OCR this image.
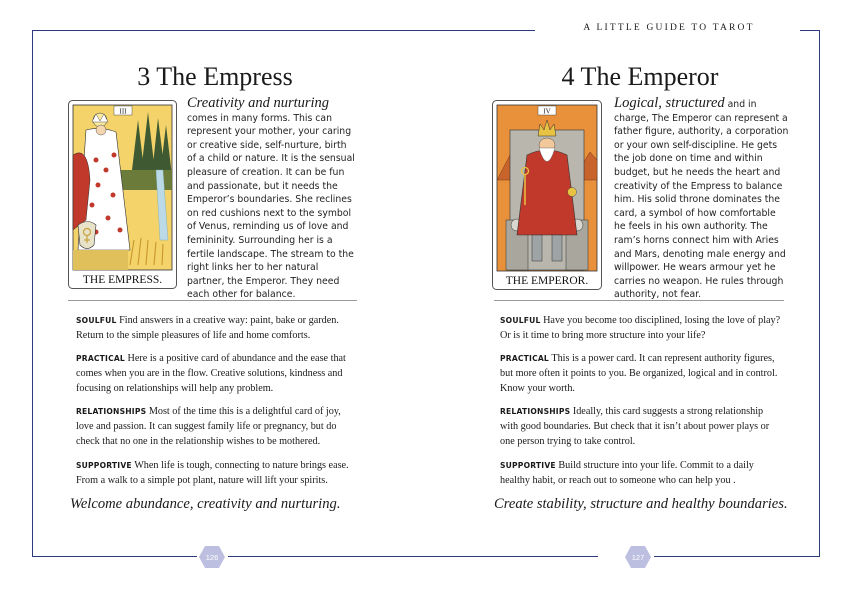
A LITTLE GUIDE TO TAROT
3 The Empress
III
THE EMPRESS.
Creativity and nurturing comes in many forms. This can represent your mother, your caring or creative side, self-nurture, birth of a child or nature. It is the sensual pleasure of creation. It can be fun and passionate, but it needs the Emperor’s boundaries. She reclines on red cushions next to the symbol of Venus, reminding us of love and femininity. Surrounding her is a fertile landscape. The stream to the right links her to her natural partner, the Emperor. They need each other for balance.
SOULFUL Find answers in a creative way: paint, bake or garden. Return to the simple pleasures of life and home comforts.
PRACTICAL Here is a positive card of abundance and the ease that comes when you are in the flow. Creative solutions, kindness and focusing on relationships will help any problem.
RELATIONSHIPS Most of the time this is a delightful card of joy, love and passion. It can suggest family life or pregnancy, but do check that no one in the relationship wishes to be mothered.
SUPPORTIVE When life is tough, connecting to nature brings ease. From a walk to a simple pot plant, nature will lift your spirits.
Welcome abundance, creativity and nurturing.
126
4 The Emperor
IV
THE EMPEROR.
Logical, structured and in charge, The Emperor can represent a father figure, authority, a corporation or your own self-discipline. He gets the job done on time and within budget, but he needs the heart and creativity of the Empress to balance him. His solid throne dominates the card, a symbol of how comfortable he feels in his own authority. The ram’s horns connect him with Aries and Mars, denoting male energy and willpower. He wears armour yet he carries no weapon. He rules through authority, not fear.
SOULFUL Have you become too disciplined, losing the love of play? Or is it time to bring more structure into your life?
PRACTICAL This is a power card. It can represent authority figures, but more often it points to you. Be organized, logical and in control. Know your worth.
RELATIONSHIPS Ideally, this card suggests a strong relationship with good boundaries. But check that it isn’t about power plays or one person trying to take control.
SUPPORTIVE Build structure into your life. Commit to a daily healthy habit, or reach out to someone who can help you .
Create stability, structure and healthy boundaries.
127
